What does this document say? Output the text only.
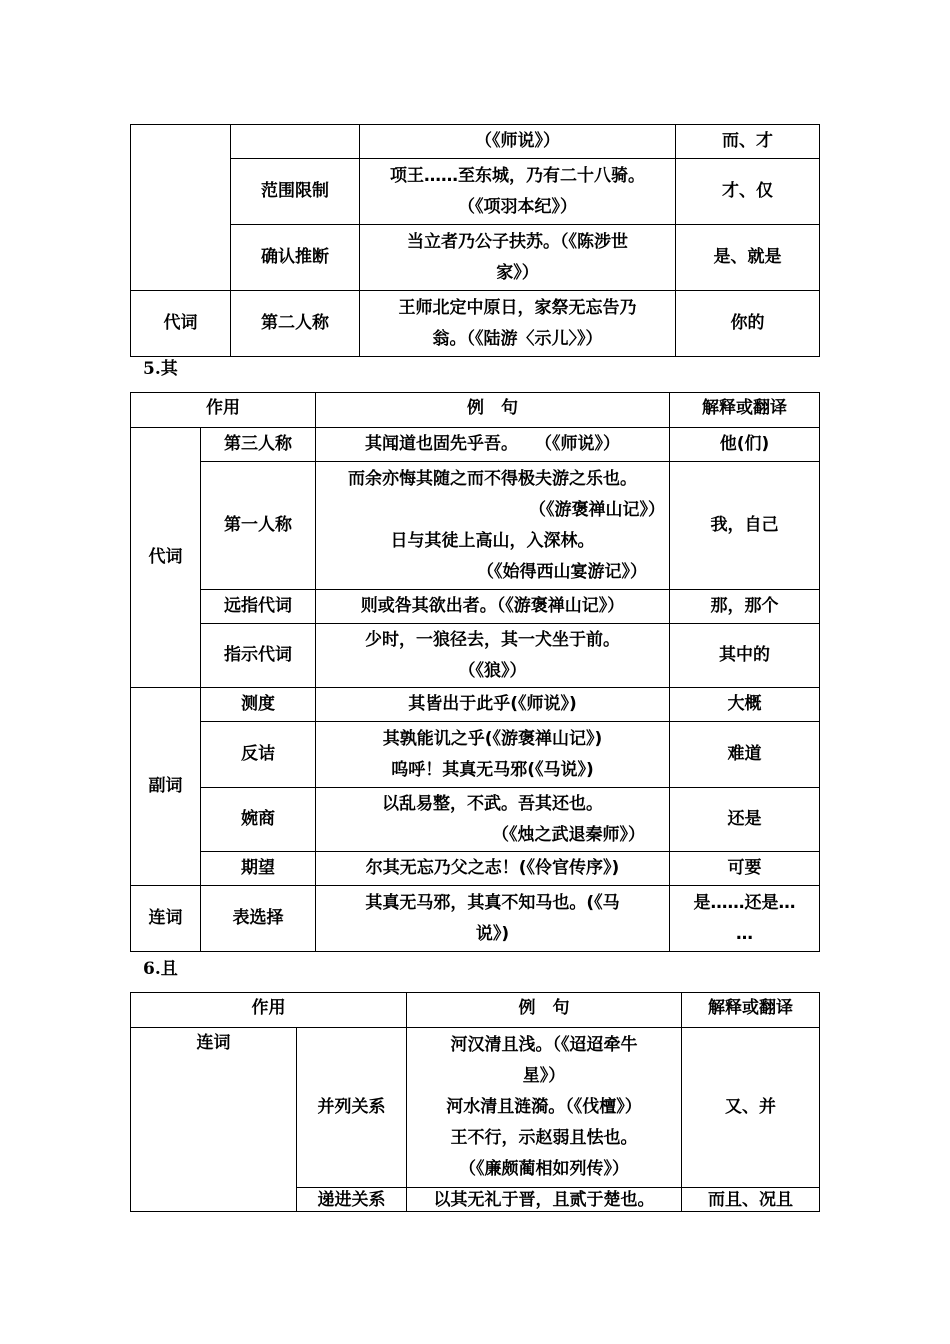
		（《师说》）	而、才
	范围限制	项王……至东城，乃有二十八骑。
（《项羽本纪》）	才、仅
	确认推断	当立者乃公子扶苏。（《陈涉世
家》）	是、就是
代词	第二人称	王师北定中原日，家祭无忘告乃
翁。（《陆游〈示儿〉》）	你的
5.其
作用		例　句	解释或翻译
代词	第三人称	其闻道也固先乎吾。　　（《师说》）	他(们)
	第一人称	而余亦悔其随之而不得极夫游之乐也。
（《游褒禅山记》）
日与其徒上高山，入深林。
（《始得西山宴游记》）	我，自己
	远指代词	则或咎其欲出者。（《游褒禅山记》）	那，那个
	指示代词	少时，一狼径去，其一犬坐于前。
（《狼》）	其中的
副词	测度	其皆出于此乎(《师说》)	大概
	反诘	其孰能讥之乎(《游褒禅山记》)
呜呼！其真无马邪(《马说》)	难道
	婉商	以乱易整，不武。吾其还也。
（《烛之武退秦师》）	还是
	期望	尔其无忘乃父之志！(《伶官传序》)	可要
连词	表选择	其真无马邪，其真不知马也。(《马
说》)	是……还是…
…
6.且
作用		例　句	解释或翻译
连词	并列关系	河汉清且浅。（《迢迢牵牛
星》）
河水清且涟漪。（《伐檀》）
王不行，示赵弱且怯也。
（《廉颇蔺相如列传》）	又、并
	递进关系	以其无礼于晋，且贰于楚也。	而且、况且
